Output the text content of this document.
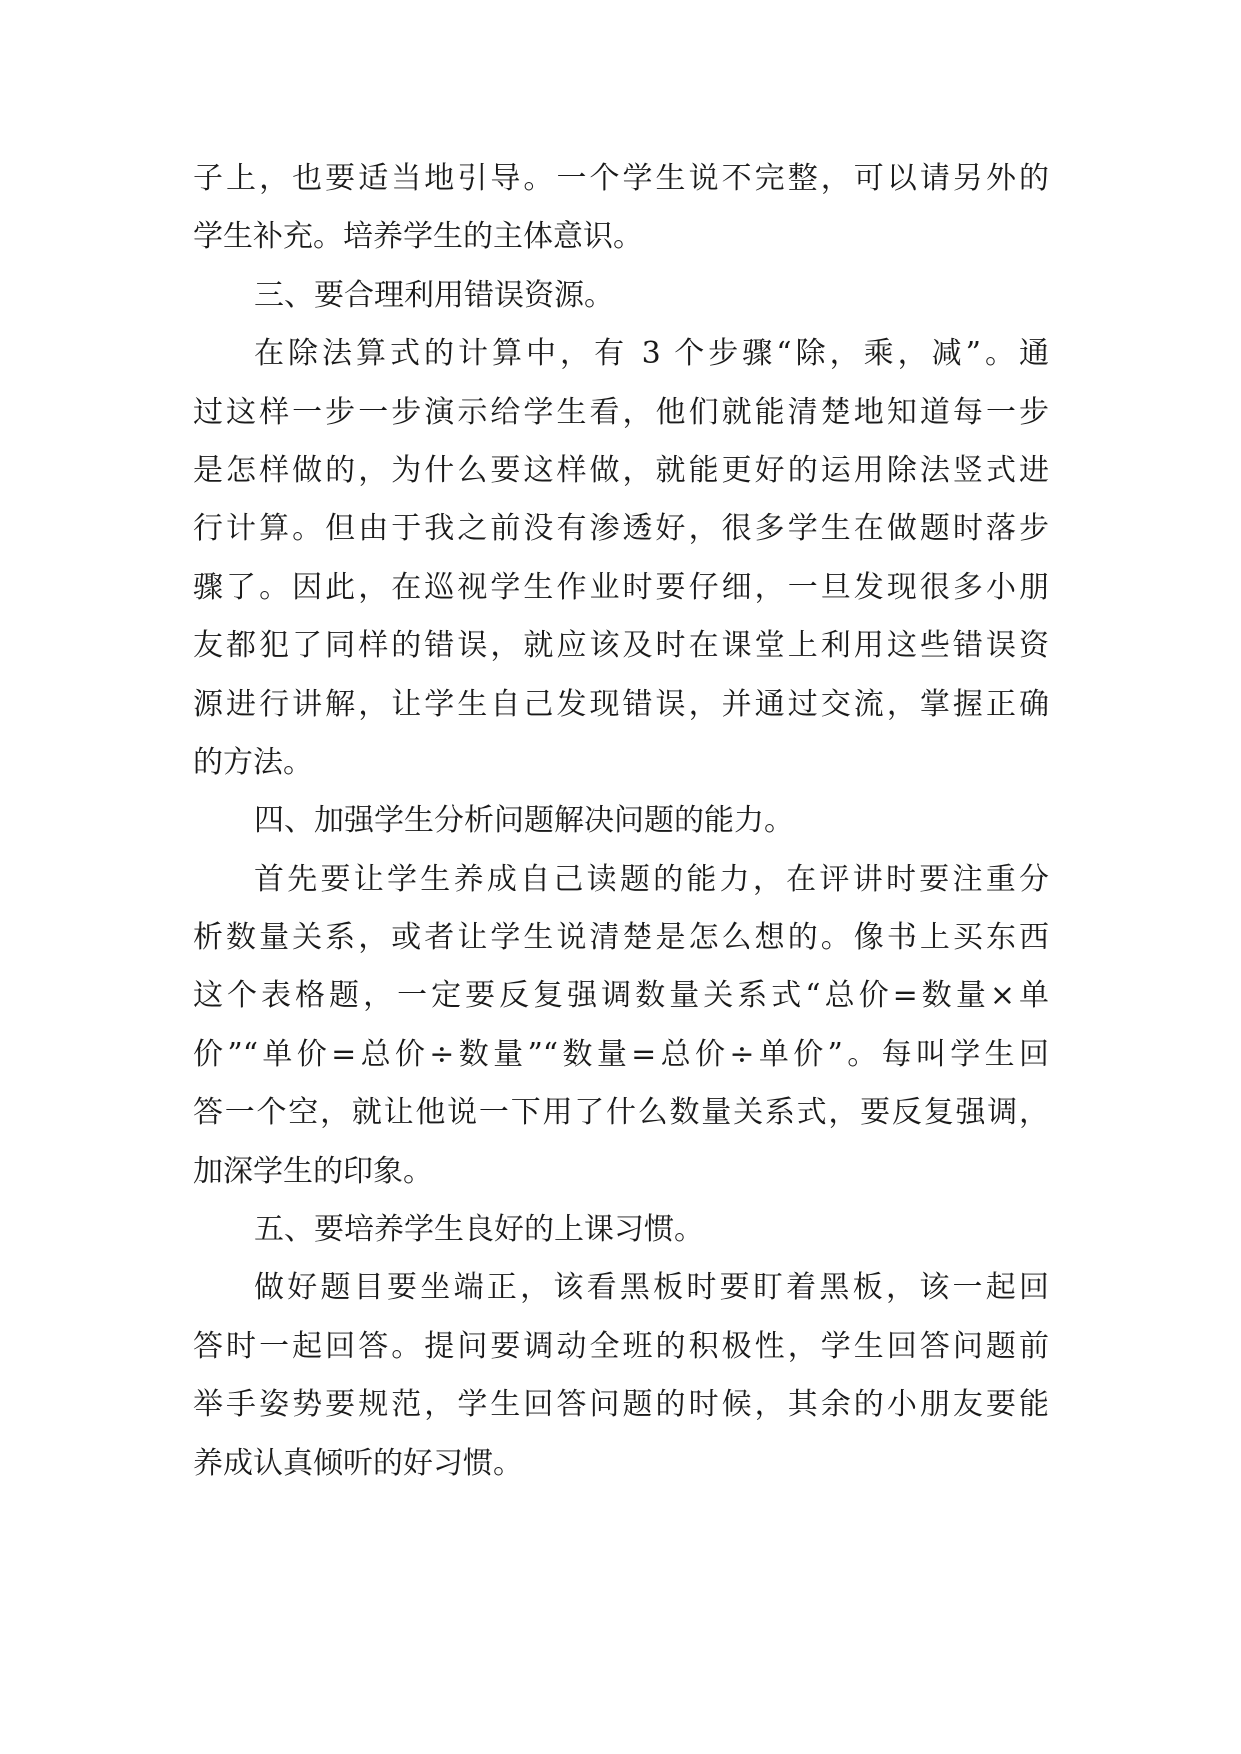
子上，也要适当地引导。一个学生说不完整，可以请另外的
学生补充。培养学生的主体意识。
三、要合理利用错误资源。
在除法算式的计算中，有 3 个步骤“除，乘，减”。通
过这样一步一步演示给学生看，他们就能清楚地知道每一步
是怎样做的，为什么要这样做，就能更好的运用除法竖式进
行计算。但由于我之前没有渗透好，很多学生在做题时落步
骤了。因此，在巡视学生作业时要仔细，一旦发现很多小朋
友都犯了同样的错误，就应该及时在课堂上利用这些错误资
源进行讲解，让学生自己发现错误，并通过交流，掌握正确
的方法。
四、加强学生分析问题解决问题的能力。
首先要让学生养成自己读题的能力，在评讲时要注重分
析数量关系，或者让学生说清楚是怎么想的。像书上买东西
这个表格题，一定要反复强调数量关系式“总价=数量×单
价”“单价=总价÷数量”“数量=总价÷单价”。每叫学生回
答一个空，就让他说一下用了什么数量关系式，要反复强调，
加深学生的印象。
五、要培养学生良好的上课习惯。
做好题目要坐端正，该看黑板时要盯着黑板，该一起回
答时一起回答。提问要调动全班的积极性，学生回答问题前
举手姿势要规范，学生回答问题的时候，其余的小朋友要能
养成认真倾听的好习惯。
